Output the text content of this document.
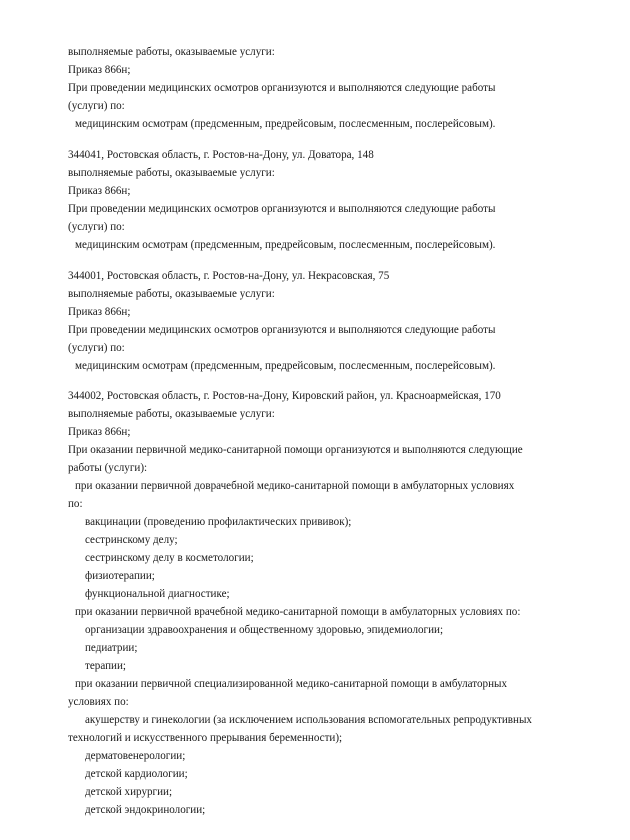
выполняемые работы, оказываемые услуги:

Приказ 866н;

При проведении медицинских осмотров организуются и выполняются следующие работы

(услуги) по:

медицинским осмотрам (предсменным, предрейсовым, послесменным, послерейсовым).

344041, Ростовская область, г. Ростов-на-Дону, ул. Доватора, 148

выполняемые работы, оказываемые услуги:

Приказ 866н;

При проведении медицинских осмотров организуются и выполняются следующие работы

(услуги) по:

медицинским осмотрам (предсменным, предрейсовым, послесменным, послерейсовым).

344001, Ростовская область, г. Ростов-на-Дону, ул. Некрасовская, 75

выполняемые работы, оказываемые услуги:

Приказ 866н;

При проведении медицинских осмотров организуются и выполняются следующие работы

(услуги) по:

медицинским осмотрам (предсменным, предрейсовым, послесменным, послерейсовым).

344002, Ростовская область, г. Ростов-на-Дону, Кировский район, ул. Красноармейская, 170

выполняемые работы, оказываемые услуги:

Приказ 866н;

При оказании первичной медико-санитарной помощи организуются и выполняются следующие

работы (услуги):

при оказании первичной доврачебной медико-санитарной помощи в амбулаторных условиях

по:

вакцинации (проведению профилактических прививок);

сестринскому делу;

сестринскому делу в косметологии;

физиотерапии;

функциональной диагностике;

при оказании первичной врачебной медико-санитарной помощи в амбулаторных условиях по:

организации здравоохранения и общественному здоровью, эпидемиологии;

педиатрии;

терапии;

при оказании первичной специализированной медико-санитарной помощи в амбулаторных

условиях по:

акушерству и гинекологии (за исключением использования вспомогательных репродуктивных

технологий и искусственного прерывания беременности);

дерматовенерологии;

детской кардиологии;

детской хирургии;

детской эндокринологии;
